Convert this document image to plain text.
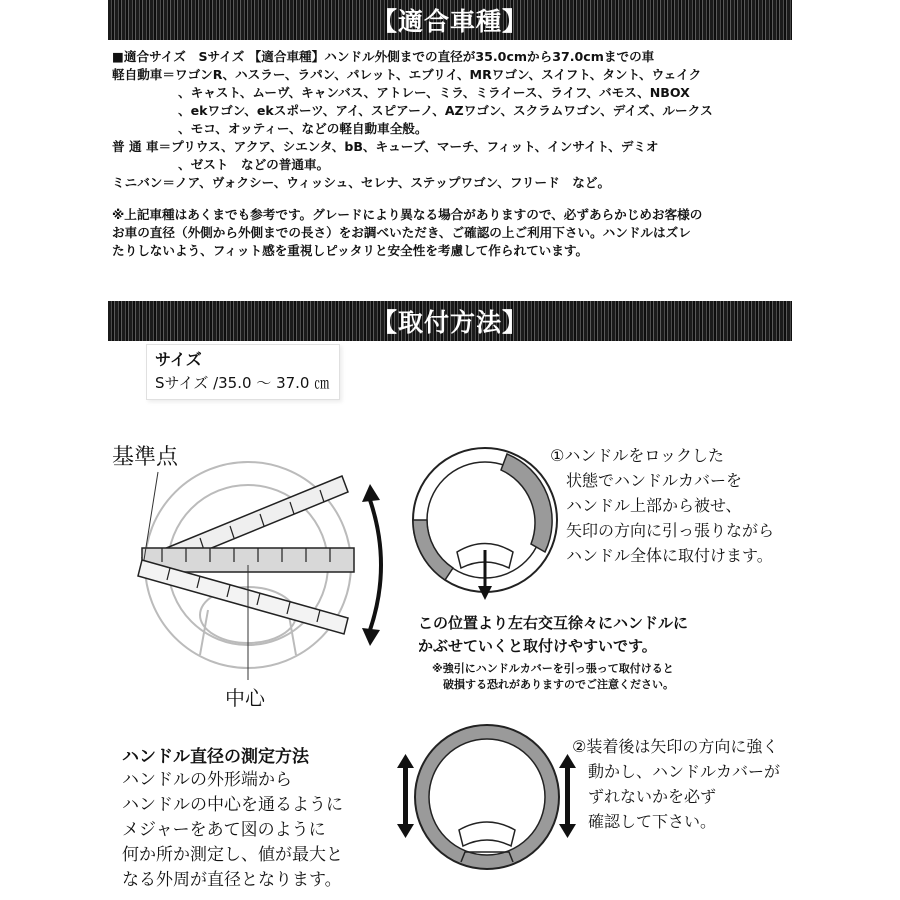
【適合車種】
■適合サイズ　Sサイズ 【適合車種】ハンドル外側までの直径が35.0cmから37.0cmまでの車
軽自動車＝ ワゴンR、ハスラー、ラパン、パレット、エブリイ、MRワゴン、スイフト、タント、ウェイク
、キャスト、ムーヴ、キャンバス、アトレー、ミラ、ミライース、ライフ、バモス、NBOX
、ekワゴン、ekスポーツ、アイ、スピアーノ、AZワゴン、スクラムワゴン、デイズ、ルークス
、モコ、オッティー、などの軽自動車全般。
普 通 車＝ プリウス、アクア、シエンタ、bB、キューブ、マーチ、フィット、インサイト、デミオ
、ゼスト　などの普通車。
ミニバン＝ ノア、ヴォクシー、ウィッシュ、セレナ、ステップワゴン、フリード　など。
※上記車種はあくまでも参考です。グレードにより異なる場合がありますので、必ずあらかじめお客様の
お車の直径（外側から外側までの長さ）をお調べいただき、ご確認の上ご利用下さい。ハンドルはズレ
たりしないよう、フィット感を重視しピッタリと安全性を考慮して作られています。
【取付方法】
サイズ
Sサイズ /35.0 ～ 37.0 ㎝
基準点
中心
①ハンドルをロックした
　状態でハンドルカバーを
　ハンドル上部から被せ、
　矢印の方向に引っ張りながら
　ハンドル全体に取付けます。
この位置より左右交互徐々にハンドルに
かぶせていくと取付けやすいです。
※強引にハンドルカバーを引っ張って取付けると
　破損する恐れがありますのでご注意ください。
ハンドル直径の測定方法
ハンドルの外形端から
ハンドルの中心を通るように
メジャーをあて図のように
何か所か測定し、値が最大と
なる外周が直径となります。
②装着後は矢印の方向に強く
　動かし、ハンドルカバーが
　ずれないかを必ず
　確認して下さい。
